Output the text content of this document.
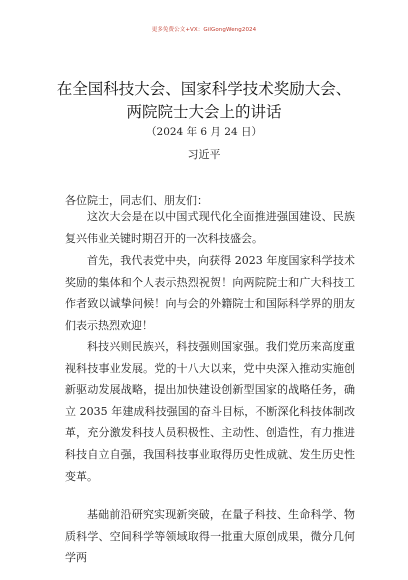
更多免费公文+VX：GilGongWeng2024
在全国科技大会、国家科学技术奖励大会、
两院院士大会上的讲话
（2024 年 6 月 24 日）
习近平
各位院士，同志们、朋友们：

这次大会是在以中国式现代化全面推进强国建设、民族复兴伟业关键时期召开的一次科技盛会。

首先，我代表党中央，向获得 2023 年度国家科学技术奖励的集体和个人表示热烈祝贺！向两院院士和广大科技工作者致以诚挚问候！向与会的外籍院士和国际科学界的朋友们表示热烈欢迎！

科技兴则民族兴，科技强则国家强。我们党历来高度重视科技事业发展。党的十八大以来，党中央深入推动实施创新驱动发展战略，提出加快建设创新型国家的战略任务，确立 2035 年建成科技强国的奋斗目标，不断深化科技体制改革，充分激发科技人员积极性、主动性、创造性，有力推进科技自立自强，我国科技事业取得历史性成就、发生历史性变革。

基础前沿研究实现新突破，在量子科技、生命科学、物质科学、空间科学等领域取得一批重大原创成果，微分几何学两
